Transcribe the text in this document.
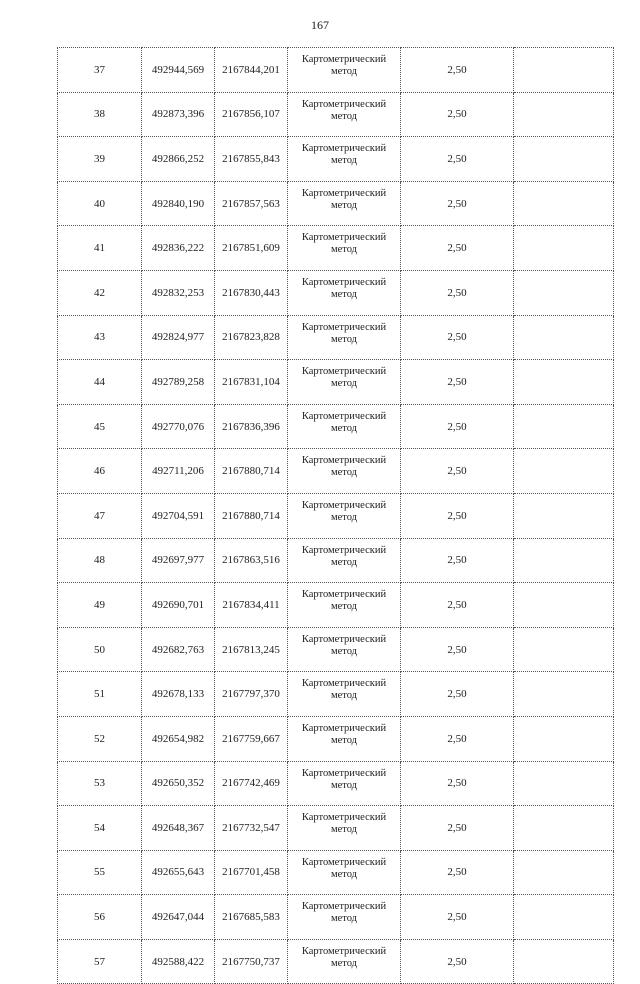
167
37	492944,569	2167844,201	Картометрический
метод	2,50	
38	492873,396	2167856,107	Картометрический
метод	2,50	
39	492866,252	2167855,843	Картометрический
метод	2,50	
40	492840,190	2167857,563	Картометрический
метод	2,50	
41	492836,222	2167851,609	Картометрический
метод	2,50	
42	492832,253	2167830,443	Картометрический
метод	2,50	
43	492824,977	2167823,828	Картометрический
метод	2,50	
44	492789,258	2167831,104	Картометрический
метод	2,50	
45	492770,076	2167836,396	Картометрический
метод	2,50	
46	492711,206	2167880,714	Картометрический
метод	2,50	
47	492704,591	2167880,714	Картометрический
метод	2,50	
48	492697,977	2167863,516	Картометрический
метод	2,50	
49	492690,701	2167834,411	Картометрический
метод	2,50	
50	492682,763	2167813,245	Картометрический
метод	2,50	
51	492678,133	2167797,370	Картометрический
метод	2,50	
52	492654,982	2167759,667	Картометрический
метод	2,50	
53	492650,352	2167742,469	Картометрический
метод	2,50	
54	492648,367	2167732,547	Картометрический
метод	2,50	
55	492655,643	2167701,458	Картометрический
метод	2,50	
56	492647,044	2167685,583	Картометрический
метод	2,50	
57	492588,422	2167750,737	Картометрический
метод	2,50	
